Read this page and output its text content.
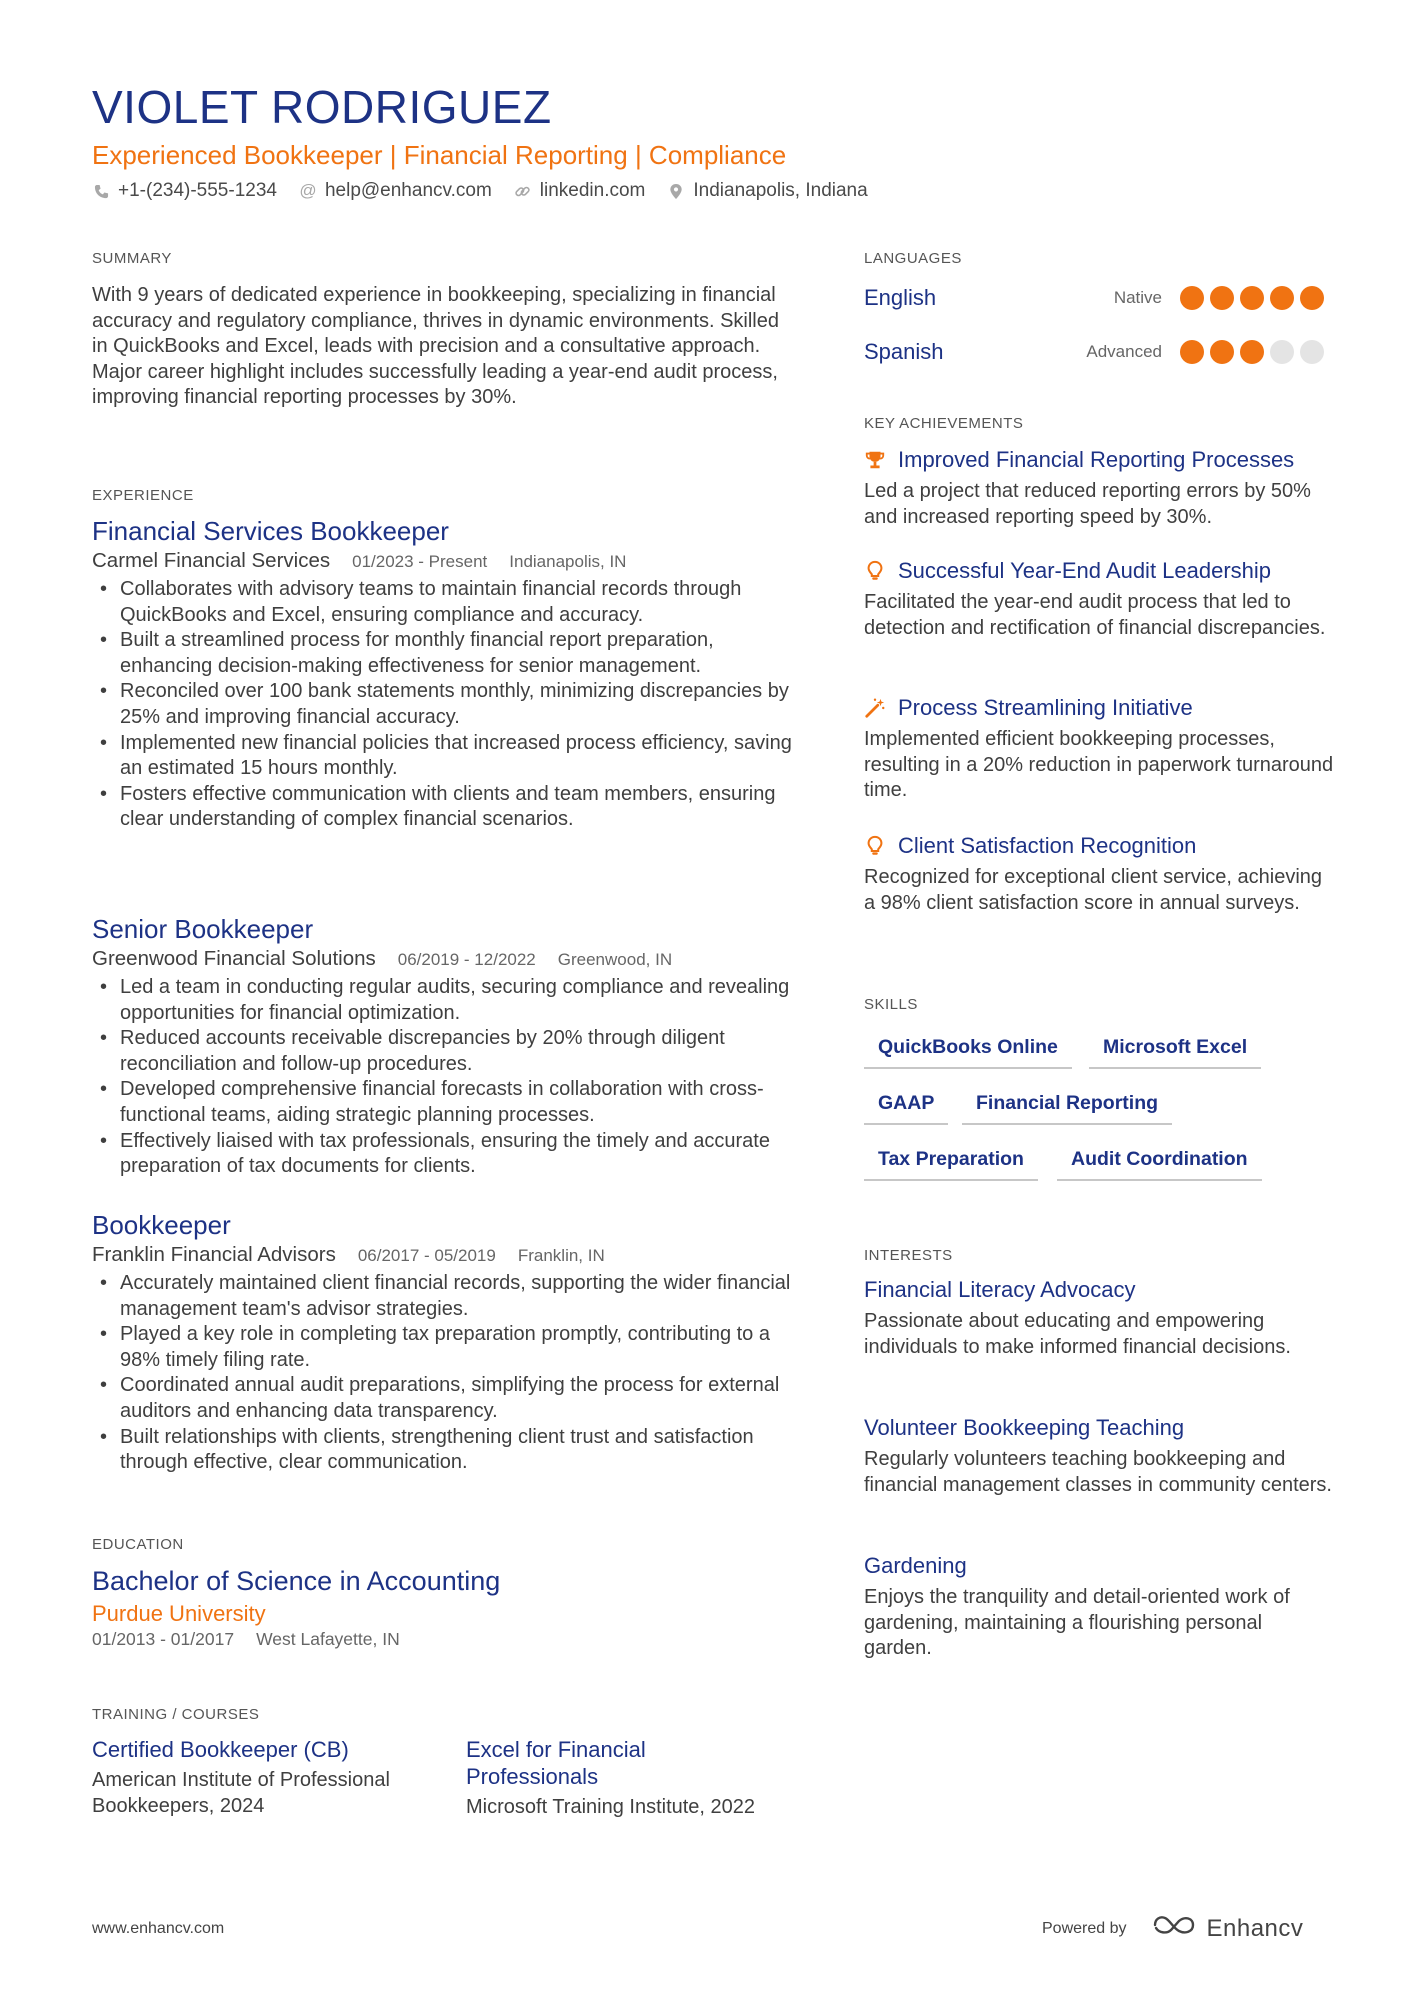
VIOLET RODRIGUEZ
Experienced Bookkeeper | Financial Reporting | Compliance
+1-(234)-555-1234 @ help@enhancv.com	linkedin.com	Indianapolis, Indiana
SUMMARY
With 9 years of dedicated experience in bookkeeping, specializing in financial accuracy and regulatory compliance, thrives in dynamic environments. Skilled in QuickBooks and Excel, leads with precision and a consultative approach. Major career highlight includes successfully leading a year-end audit process, improving financial reporting processes by 30%.
EXPERIENCE
Financial Services Bookkeeper
Carmel Financial Services 01/2023 - Present Indianapolis, IN
• Collaborates with advisory teams to maintain financial records through QuickBooks and Excel, ensuring compliance and accuracy.
• Built a streamlined process for monthly financial report preparation, enhancing decision-making effectiveness for senior management.
• Reconciled over 100 bank statements monthly, minimizing discrepancies by 25% and improving financial accuracy.
• Implemented new financial policies that increased process efficiency, saving an estimated 15 hours monthly.
• Fosters effective communication with clients and team members, ensuring clear understanding of complex financial scenarios.
Senior Bookkeeper
Greenwood Financial Solutions 06/2019 - 12/2022 Greenwood, IN
• Led a team in conducting regular audits, securing compliance and revealing opportunities for financial optimization.
• Reduced accounts receivable discrepancies by 20% through diligent reconciliation and follow-up procedures.
• Developed comprehensive financial forecasts in collaboration with cross-functional teams, aiding strategic planning processes.
• Effectively liaised with tax professionals, ensuring the timely and accurate preparation of tax documents for clients.
Bookkeeper
Franklin Financial Advisors 06/2017 - 05/2019 Franklin, IN
• Accurately maintained client financial records, supporting the wider financial management team's advisor strategies.
• Played a key role in completing tax preparation promptly, contributing to a 98% timely filing rate.
• Coordinated annual audit preparations, simplifying the process for external auditors and enhancing data transparency.
• Built relationships with clients, strengthening client trust and satisfaction through effective, clear communication.
EDUCATION
Bachelor of Science in Accounting
Purdue University
01/2013 - 01/2017 West Lafayette, IN
TRAINING / COURSES
Certified Bookkeeper (CB)
American Institute of Professional Bookkeepers, 2024
Excel for Financial Professionals
Microsoft Training Institute, 2022
LANGUAGES
English	Native
Spanish	Advanced
KEY ACHIEVEMENTS
Improved Financial Reporting Processes
Led a project that reduced reporting errors by 50% and increased reporting speed by 30%.
Successful Year-End Audit Leadership
Facilitated the year-end audit process that led to detection and rectification of financial discrepancies.
Process Streamlining Initiative
Implemented efficient bookkeeping processes, resulting in a 20% reduction in paperwork turnaround time.
Client Satisfaction Recognition
Recognized for exceptional client service, achieving a 98% client satisfaction score in annual surveys.
SKILLS
QuickBooks Online	Microsoft Excel
GAAP	Financial Reporting
Tax Preparation	Audit Coordination
INTERESTS
Financial Literacy Advocacy
Passionate about educating and empowering individuals to make informed financial decisions.
Volunteer Bookkeeping Teaching
Regularly volunteers teaching bookkeeping and financial management classes in community centers.
Gardening
Enjoys the tranquility and detail-oriented work of gardening, maintaining a flourishing personal garden.
www.enhancv.com	Powered by	Enhancv
